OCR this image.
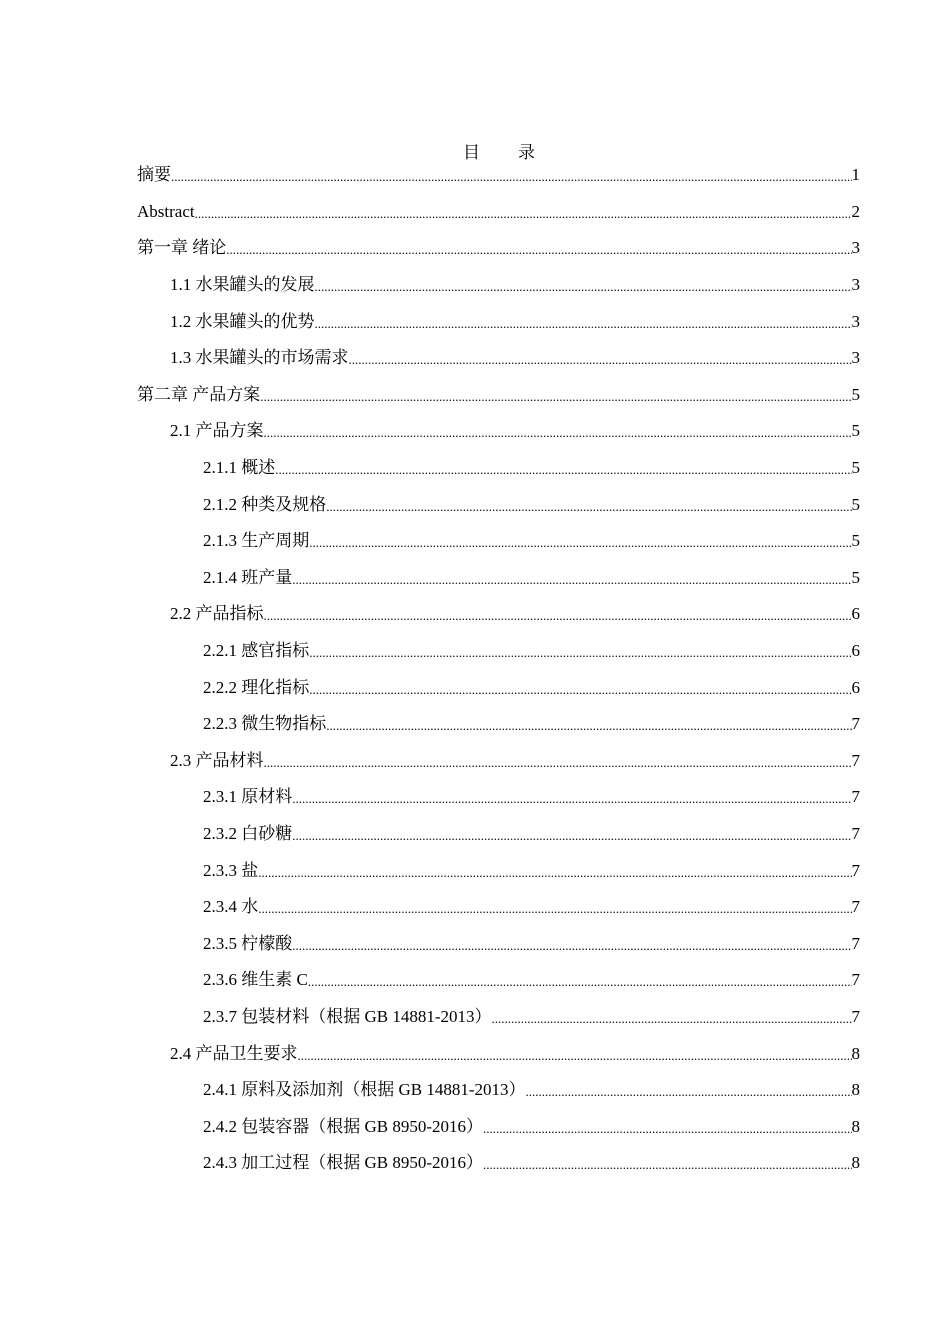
目 录
摘要 .....	1
Abstract .....	2
第一章 绪论 .....	3
1.1 水果罐头的发展 .....	3
1.2 水果罐头的优势 .....	3
1.3 水果罐头的市场需求 .....	3
第二章 产品方案 .....	5
2.1 产品方案 .....	5
2.1.1 概述 .....	5
2.1.2 种类及规格 .....	5
2.1.3 生产周期 .....	5
2.1.4 班产量 .....	5
2.2 产品指标 .....	6
2.2.1 感官指标 .....	6
2.2.2 理化指标 .....	6
2.2.3 微生物指标 .....	7
2.3 产品材料 .....	7
2.3.1 原材料 .....	7
2.3.2 白砂糖 .....	7
2.3.3 盐 .....	7
2.3.4 水 .....	7
2.3.5 柠檬酸 .....	7
2.3.6 维生素 C .....	7
2.3.7 包装材料（根据 GB 14881-2013） .....	7
2.4 产品卫生要求 .....	8
2.4.1 原料及添加剂（根据 GB 14881-2013） .....	8
2.4.2 包装容器（根据 GB 8950-2016） .....	8
2.4.3 加工过程（根据 GB 8950-2016） .....	8
